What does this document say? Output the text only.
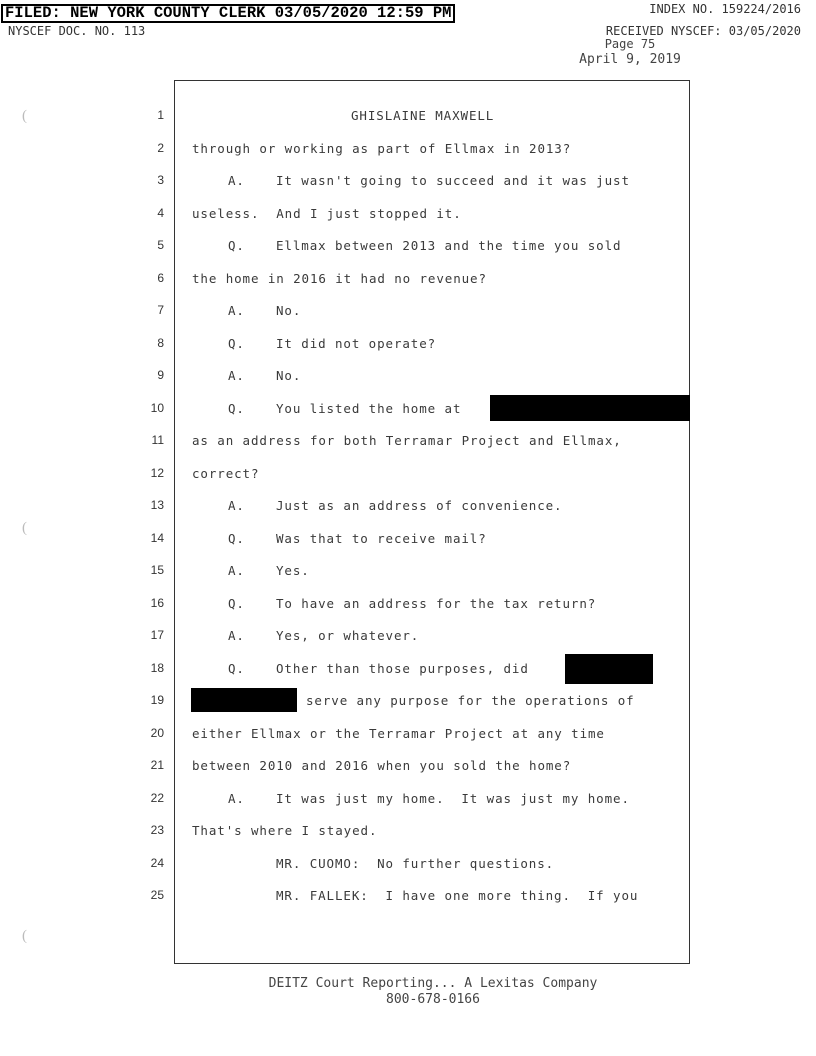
FILED: NEW YORK COUNTY CLERK 03/05/2020 12:59 PM	INDEX NO. 159224/2016
NYSCEF DOC. NO. 113	RECEIVED NYSCEF: 03/05/2020
Page 75
April 9, 2019
(
(
(
1	GHISLAINE MAXWELL
2 through or working as part of Ellmax in 2013?
3	A. It wasn't going to succeed and it was just
4 useless.  And I just stopped it.
5	Q. Ellmax between 2013 and the time you sold
6 the home in 2016 it had no revenue?
7	A. No.
8	Q. It did not operate?
9	A. No.
10	Q. You listed the home at
11 as an address for both Terramar Project and Ellmax,
12 correct?
13	A. Just as an address of convenience.
14	Q. Was that to receive mail?
15	A. Yes.
16	Q. To have an address for the tax return?
17	A. Yes, or whatever.
18	Q. Other than those purposes, did
19	serve any purpose for the operations of
20 either Ellmax or the Terramar Project at any time
21 between 2010 and 2016 when you sold the home?
22	A. It was just my home.  It was just my home.
23 That's where I stayed.
24	MR. CUOMO:  No further questions.
25	MR. FALLEK:  I have one more thing.  If you
DEITZ Court Reporting... A Lexitas Company
800-678-0166
